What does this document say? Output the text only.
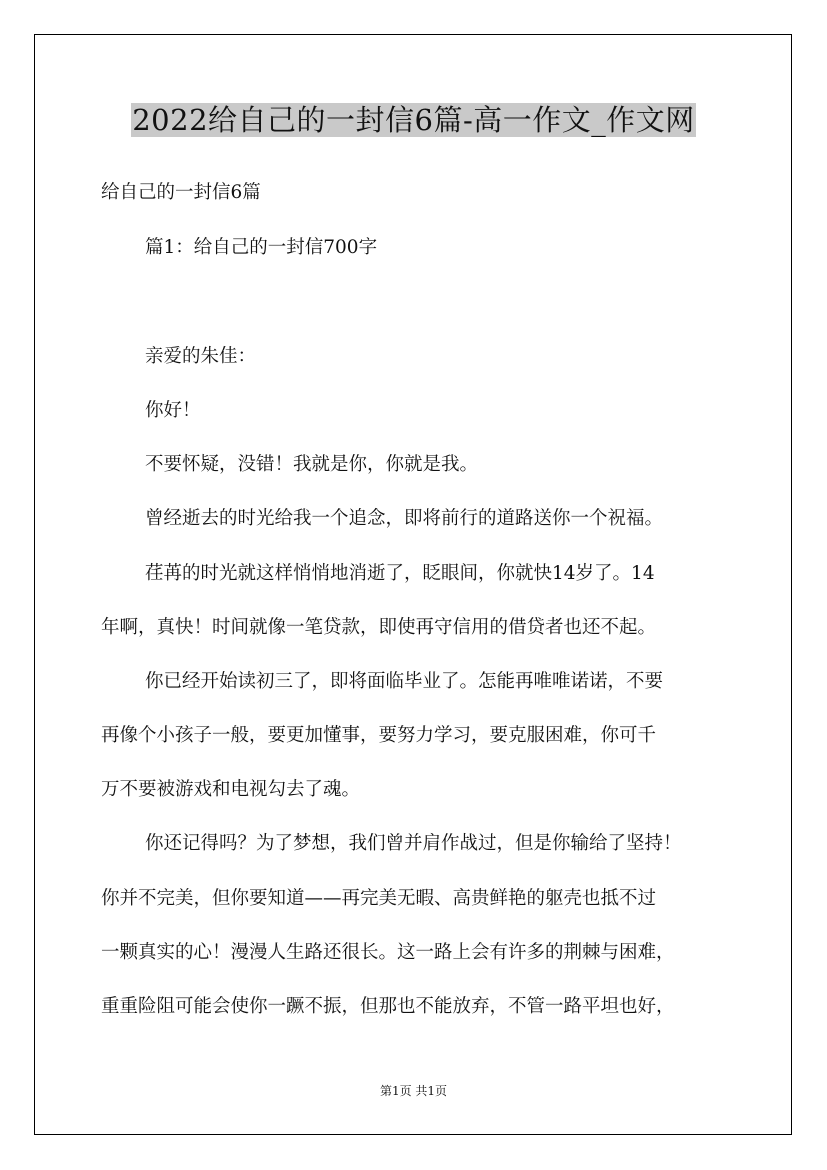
2022给自己的一封信6篇-高一作文_作文网
给自己的一封信6篇
篇1：给自己的一封信700字
亲爱的朱佳：
你好！
不要怀疑，没错！我就是你，你就是我。
曾经逝去的时光给我一个追念，即将前行的道路送你一个祝福。
荏苒的时光就这样悄悄地消逝了，眨眼间，你就快14岁了。14
年啊，真快！时间就像一笔贷款，即使再守信用的借贷者也还不起。
你已经开始读初三了，即将面临毕业了。怎能再唯唯诺诺，不要
再像个小孩子一般，要更加懂事，要努力学习，要克服困难，你可千
万不要被游戏和电视勾去了魂。
你还记得吗？为了梦想，我们曾并肩作战过，但是你输给了坚持！
你并不完美，但你要知道——再完美无暇、高贵鲜艳的躯壳也抵不过
一颗真实的心！漫漫人生路还很长。这一路上会有许多的荆棘与困难，
重重险阻可能会使你一蹶不振，但那也不能放弃，不管一路平坦也好，
第1页 共1页
